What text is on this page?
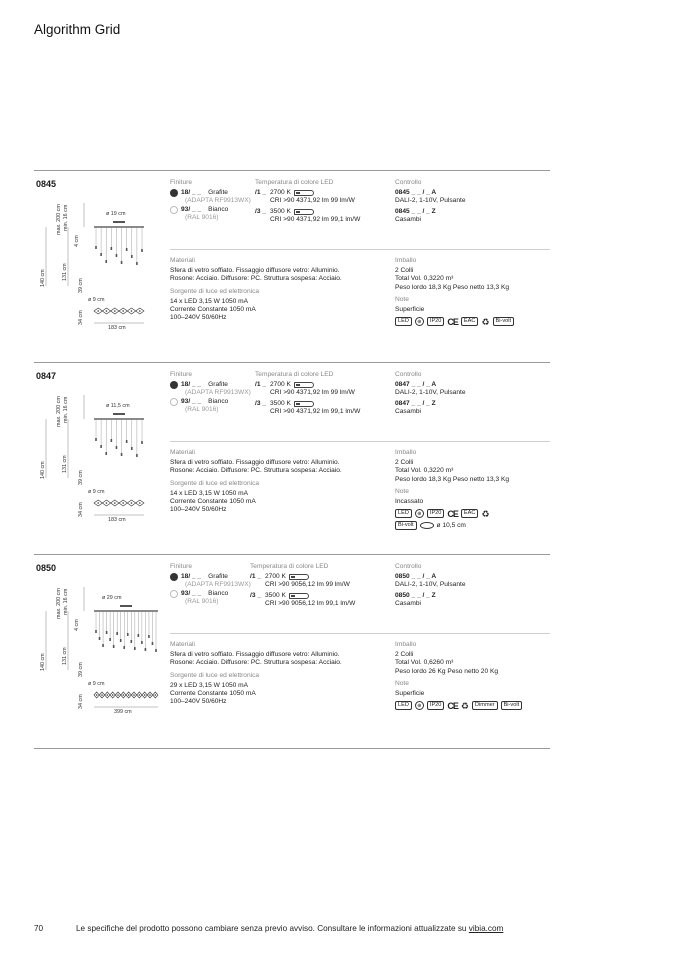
Algorithm Grid
0845
max. 200 cm min. 16 cm
4 cm
140 cm	131 cm
39 cm
ø 19 cm
ø 9 cm
34 cm
183 cm
Finiture
18/ _ _ Grafite
(ADAPTA RF9913WX)
93/ _ _ Bianco
(RAL 9016)
Temperatura di colore LED
/1 _ 2700 K
CRI >90 4371,92 lm 99 lm/W
/3 _ 3500 K
CRI >90 4371,92 lm 99,1 lm/W
Controllo
0845 _ _ / _ A
DALI-2, 1-10V, Pulsante
0845 _ _ / _ Z
Casambi
Materiali
Sfera di vetro soffiato. Fissaggio diffusore vetro: Alluminio.
Rosone: Acciaio. Diffusore: PC. Struttura sospesa: Acciaio.
Sorgente di luce ed elettronica
14 x LED 3,15 W 1050 mA
Corrente Constante 1050 mA
100–240V 50/60Hz
Imballo
2 Colli
Total Vol. 0,3220 m³
Peso lordo 18,3 Kg Peso netto 13,3 Kg
Note
Superficie
LED	⊕	IP20 CE	EAC ♻	Bi-volt
0847
max. 200 cm min. 16 cm
140 cm	131 cm
39 cm
ø 11,5 cm
ø 9 cm
34 cm
183 cm
Finiture
18/ _ _ Grafite
(ADAPTA RF9913WX)
93/ _ _ Bianco
(RAL 9016)
Temperatura di colore LED
/1 _ 2700 K
CRI >90 4371,92 lm 99 lm/W
/3 _ 3500 K
CRI >90 4371,92 lm 99,1 lm/W
Controllo
0847 _ _ / _ A
DALI-2, 1-10V, Pulsante
0847 _ _ / _ Z
Casambi
Materiali
Sfera di vetro soffiato. Fissaggio diffusore vetro: Alluminio.
Rosone: Acciaio. Diffusore: PC. Struttura sospesa: Acciaio.
Sorgente di luce ed elettronica
14 x LED 3,15 W 1050 mA
Corrente Constante 1050 mA
100–240V 50/60Hz
Imballo
2 Colli
Total Vol. 0,3220 m³
Peso lordo 18,3 Kg Peso netto 13,3 Kg
Note
Incassato
LED	⊕	IP20 CE	EAC ♻
Bi-volt	ø 10,5 cm
0850
max. 200 cm min. 16 cm
4 cm
140 cm	131 cm
39 cm
ø 29 cm
ø 9 cm
34 cm
399 cm
Finiture
18/ _ _ Grafite
(ADAPTA RF9913WX)
93/ _ _ Bianco
(RAL 9016)
Temperatura di colore LED
/1 _ 2700 K
CRI >90 9056,12 lm 99 lm/W
/3 _ 3500 K
CRI >90 9056,12 lm 99,1 lm/W
Controllo
0850 _ _ / _ A
DALI-2, 1-10V, Pulsante
0850 _ _ / _ Z
Casambi
Materiali
Sfera di vetro soffiato. Fissaggio diffusore vetro: Alluminio.
Rosone: Acciaio. Diffusore: PC. Struttura sospesa: Acciaio.
Sorgente di luce ed elettronica
29 x LED 3,15 W 1050 mA
Corrente Constante 1050 mA
100–240V 50/60Hz
Imballo
2 Colli
Total Vol. 0,6260 m³
Peso lordo 26 Kg Peso netto 20 Kg
Note
Superficie
LED	⊕	IP20 CE ♻	Dimmer	Bi-volt
70	Le specifiche del prodotto possono cambiare senza previo avviso. Consultare le informazioni attualizzate su vibia.com
